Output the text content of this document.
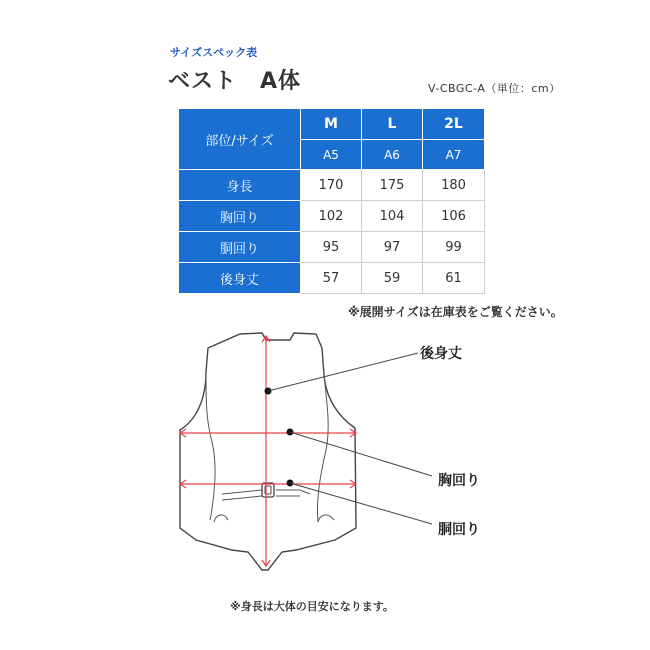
サイズスペック表
ベスト　A体	V-CBGC-A（単位：cm）
部位/サイズ	M	L	2L
	A5	A6	A7
身長	170	175	180
胸回り	102	104	106
胴回り	95	97	99
後身丈	57	59	61
※展開サイズは在庫表をご覧ください。
後身丈
胸回り
胴回り
※身長は大体の目安になります。
